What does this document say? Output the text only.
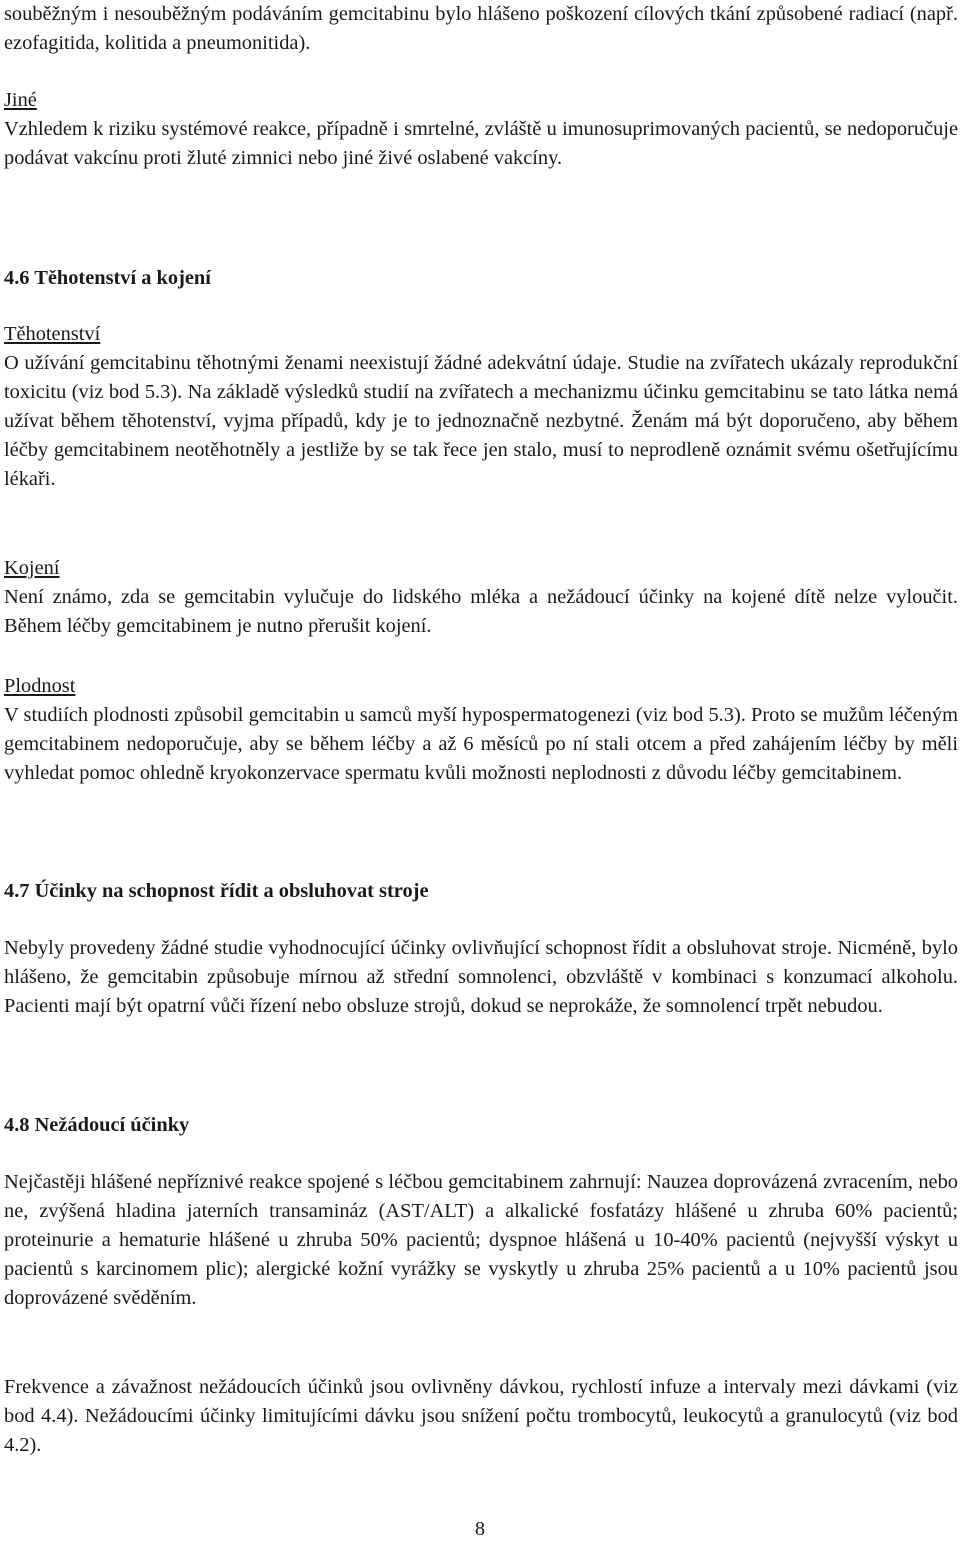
souběžným i nesouběžným podáváním gemcitabinu bylo hlášeno poškození cílových tkání způsobené radiací (např. ezofagitida, kolitida a pneumonitida).

Jiné

Vzhledem k riziku systémové reakce, případně i smrtelné, zvláště u imunosuprimovaných pacientů, se nedoporučuje podávat vakcínu proti žluté zimnici nebo jiné živé oslabené vakcíny.

4.6 Těhotenství a kojení

Těhotenství

O užívání gemcitabinu těhotnými ženami neexistují žádné adekvátní údaje. Studie na zvířatech ukázaly reprodukční toxicitu (viz bod 5.3). Na základě výsledků studií na zvířatech a mechanizmu účinku gemcitabinu se tato látka nemá užívat během těhotenství, vyjma případů, kdy je to jednoznačně nezbytné. Ženám má být doporučeno, aby během léčby gemcitabinem neotěhotněly a jestliže by se tak řece jen stalo, musí to neprodleně oznámit svému ošetřujícímu lékaři.

Kojení

Není známo, zda se gemcitabin vylučuje do lidského mléka a nežádoucí účinky na kojené dítě nelze vyloučit. Během léčby gemcitabinem je nutno přerušit kojení.

Plodnost

V studiích plodnosti způsobil gemcitabin u samců myší hypospermatogenezi (viz bod 5.3). Proto se mužům léčeným gemcitabinem nedoporučuje, aby se během léčby a až 6 měsíců po ní stali otcem a před zahájením léčby by měli vyhledat pomoc ohledně kryokonzervace spermatu kvůli možnosti neplodnosti z důvodu léčby gemcitabinem.

4.7 Účinky na schopnost řídit a obsluhovat stroje

Nebyly provedeny žádné studie vyhodnocující účinky ovlivňující schopnost řídit a obsluhovat stroje. Nicméně, bylo hlášeno, že gemcitabin způsobuje mírnou až střední somnolenci, obzvláště v kombinaci s konzumací alkoholu. Pacienti mají být opatrní vůči řízení nebo obsluze strojů, dokud se neprokáže, že somnolencí trpět nebudou.

4.8 Nežádoucí účinky

Nejčastěji hlášené nepříznivé reakce spojené s léčbou gemcitabinem zahrnují: Nauzea doprovázená zvracením, nebo ne, zvýšená hladina jaterních transamináz (AST/ALT) a alkalické fosfatázy hlášené u zhruba 60% pacientů; proteinurie a hematurie hlášené u zhruba 50% pacientů; dyspnoe hlášená u 10-40% pacientů (nejvyšší výskyt u pacientů s karcinomem plic); alergické kožní vyrážky se vyskytly u zhruba 25% pacientů a u 10% pacientů jsou doprovázené svěděním.

Frekvence a závažnost nežádoucích účinků jsou ovlivněny dávkou, rychlostí infuze a intervaly mezi dávkami (viz bod 4.4). Nežádoucími účinky limitujícími dávku jsou snížení počtu trombocytů, leukocytů a granulocytů (viz bod 4.2).

8
